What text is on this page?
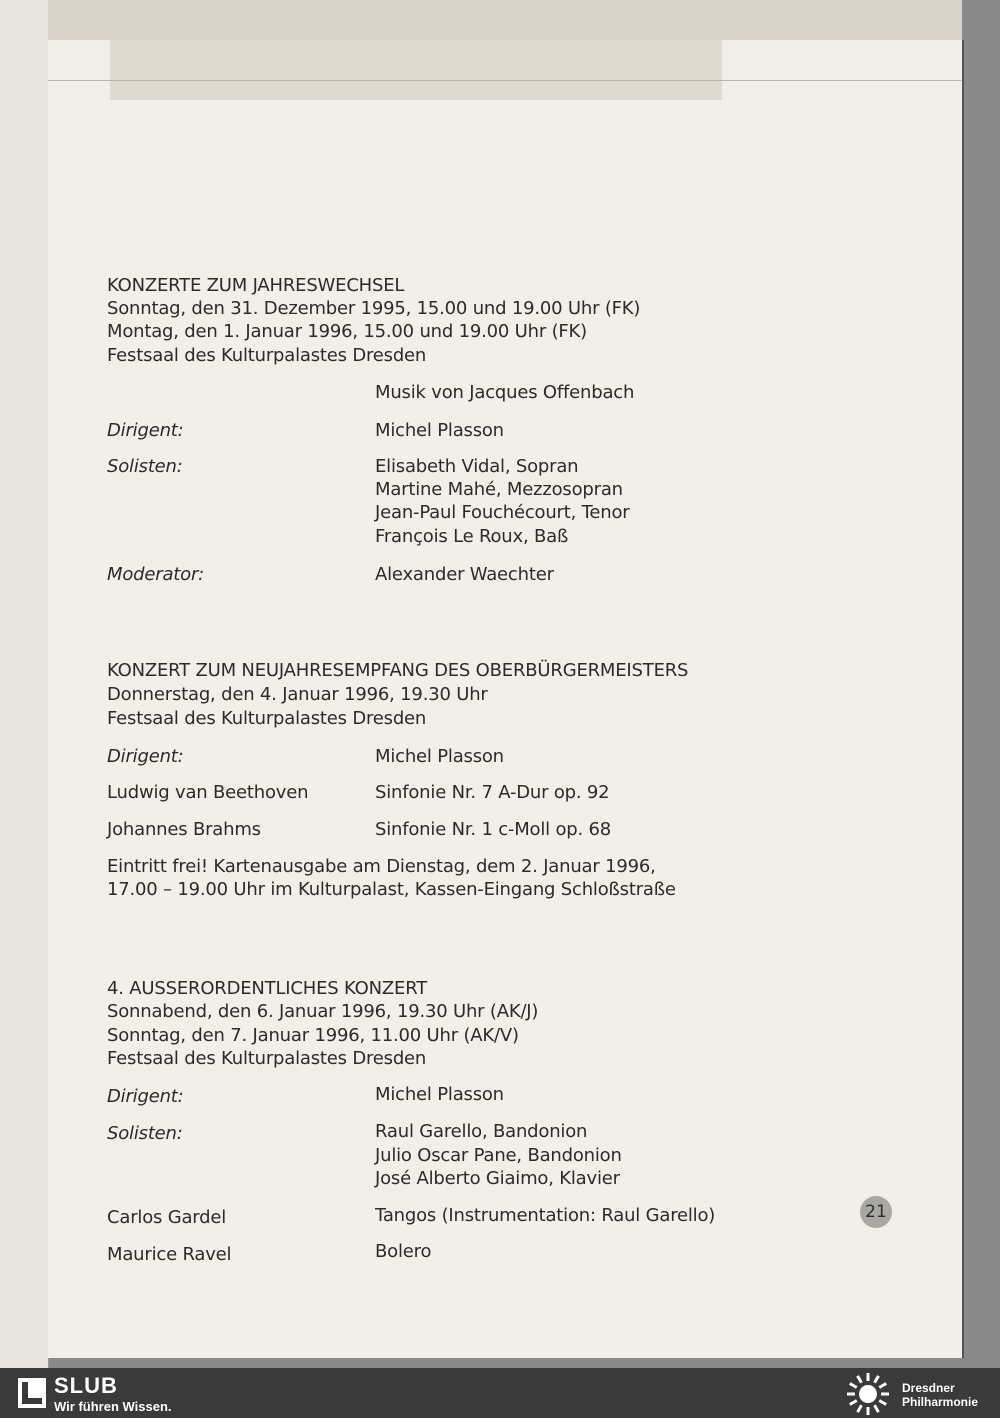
KONZERTE ZUM JAHRESWECHSEL
Sonntag, den 31. Dezember 1995, 15.00 und 19.00 Uhr (FK)
Montag, den 1. Januar 1996, 15.00 und 19.00 Uhr (FK)
Festsaal des Kulturpalastes Dresden
Musik von Jacques Offenbach
Dirigent:	Michel Plasson
Solisten:	Elisabeth Vidal, Sopran
Martine Mahé, Mezzosopran
Jean-Paul Fouchécourt, Tenor
François Le Roux, Baß
Moderator:	Alexander Waechter
KONZERT ZUM NEUJAHRESEMPFANG DES OBERBÜRGERMEISTERS
Donnerstag, den 4. Januar 1996, 19.30 Uhr
Festsaal des Kulturpalastes Dresden
Dirigent:	Michel Plasson
Ludwig van Beethoven	Sinfonie Nr. 7 A-Dur op. 92
Johannes Brahms	Sinfonie Nr. 1 c-Moll op. 68
Eintritt frei! Kartenausgabe am Dienstag, dem 2. Januar 1996,
17.00 – 19.00 Uhr im Kulturpalast, Kassen-Eingang Schloßstraße
4. AUSSERORDENTLICHES KONZERT
Sonnabend, den 6. Januar 1996, 19.30 Uhr (AK/J)
Sonntag, den 7. Januar 1996, 11.00 Uhr (AK/V)
Festsaal des Kulturpalastes Dresden
Dirigent:	Michel Plasson
Solisten:	Raul Garello, Bandonion
Julio Oscar Pane, Bandonion
José Alberto Giaimo, Klavier
Carlos Gardel	Tangos (Instrumentation: Raul Garello)
Maurice Ravel	Bolero
21
SLUB
Wir führen Wissen.
Dresdner
Philharmonie
